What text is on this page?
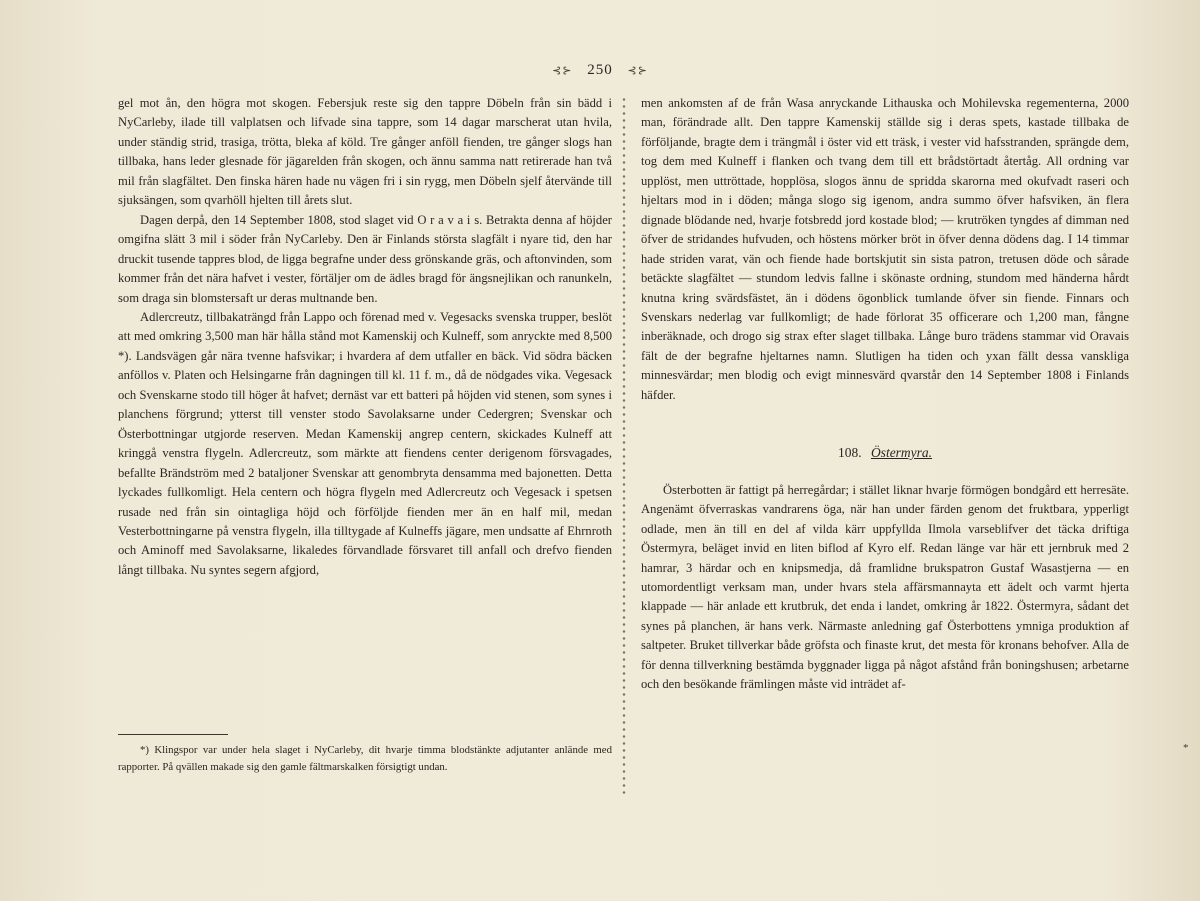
⊰⊱ 250 ⊰⊱

gel mot ån, den högra mot skogen. Febersjuk reste sig den tappre Döbeln från sin bädd i NyCarleby, ilade till valplatsen och lifvade sina tappre, som 14 dagar marscherat utan hvila, under ständig strid, trasiga, trötta, bleka af köld. Tre gånger anföll fienden, tre gånger slogs han tillbaka, hans leder glesnade för jägarelden från skogen, och ännu samma natt retirerade han två mil från slagfältet. Den finska hären hade nu vägen fri i sin rygg, men Döbeln sjelf återvände till sjuksängen, som qvarhöll hjelten till årets slut.

Dagen derpå, den 14 September 1808, stod slaget vid O r a v a i s. Betrakta denna af höjder omgifna slätt 3 mil i söder från NyCarleby. Den är Finlands största slagfält i nyare tid, den har druckit tusende tappres blod, de ligga begrafne under dess grönskande gräs, och aftonvinden, som kommer från det nära hafvet i vester, förtäljer om de ädles bragd för ängsnejlikan och ranunkeln, som draga sin blomstersaft ur deras multnande ben.

Adlercreutz, tillbakaträngd från Lappo och förenad med v. Vegesacks svenska trupper, beslöt att med omkring 3,500 man här hålla stånd mot Kamenskij och Kulneff, som anryckte med 8,500 *). Landsvägen går nära tvenne hafsvikar; i hvardera af dem utfaller en bäck. Vid södra bäcken anföllos v. Platen och Helsingarne från dagningen till kl. 11 f. m., då de nödgades vika. Vegesack och Svenskarne stodo till höger åt hafvet; dernäst var ett batteri på höjden vid stenen, som synes i planchens förgrund; ytterst till venster stodo Savolaksarne under Cedergren; Svenskar och Österbottningar utgjorde reserven. Medan Kamenskij angrep centern, skickades Kulneff att kringgå venstra flygeln. Adlercreutz, som märkte att fiendens center derigenom försvagades, befallte Brändström med 2 bataljoner Svenskar att genombryta densamma med bajonetten. Detta lyckades fullkomligt. Hela centern och högra flygeln med Adlercreutz och Vegesack i spetsen rusade ned från sin ointagliga höjd och förföljde fienden mer än en half mil, medan Vesterbottningarne på venstra flygeln, illa tilltygade af Kulneffs jägare, men undsatte af Ehrnroth och Aminoff med Savolaksarne, likaledes förvandlade försvaret till anfall och drefvo fienden långt tillbaka. Nu syntes segern afgjord,

men ankomsten af de från Wasa anryckande Lithauska och Mohilevska regementerna, 2000 man, förändrade allt. Den tappre Kamenskij ställde sig i deras spets, kastade tillbaka de förföljande, bragte dem i trängmål i öster vid ett träsk, i vester vid hafsstranden, sprängde dem, tog dem med Kulneff i flanken och tvang dem till ett brådstörtadt återtåg. All ordning var upplöst, men uttröttade, hopplösa, slogos ännu de spridda skarorna med okufvadt raseri och hjeltars mod in i döden; många slogo sig igenom, andra summo öfver hafsviken, än flera dignade blödande ned, hvarje fotsbredd jord kostade blod; — krutröken tyngdes af dimman ned öfver de stridandes hufvuden, och höstens mörker bröt in öfver denna dödens dag. I 14 timmar hade striden varat, vän och fiende hade bortskjutit sin sista patron, tretusen döde och sårade betäckte slagfältet — stundom ledvis fallne i skönaste ordning, stundom med händerna hårdt knutna kring svärdsfästet, än i dödens ögonblick tumlande öfver sin fiende. Finnars och Svenskars nederlag var fullkomligt; de hade förlorat 35 officerare och 1,200 man, fångne inberäknade, och drogo sig strax efter slaget tillbaka. Långe buro trädens stammar vid Oravais fält de der begrafne hjeltarnes namn. Slutligen ha tiden och yxan fällt dessa vanskliga minnesvärdar; men blodig och evigt minnesvärd qvarstår den 14 September 1808 i Finlands häfder.

108. Östermyra.

Österbotten är fattigt på herregårdar; i stället liknar hvarje förmögen bondgård ett herresäte. Angenämt öfverraskas vandrarens öga, när han under färden genom det fruktbara, ypperligt odlade, men än till en del af vilda kärr uppfyllda Ilmola varseblifver det täcka driftiga Östermyra, beläget invid en liten biflod af Kyro elf. Redan länge var här ett jernbruk med 2 hamrar, 3 härdar och en knipsmedja, då framlidne brukspatron Gustaf Wasastjerna — en utomordentligt verksam man, under hvars stela affärsmannayta ett ädelt och varmt hjerta klappade — här anlade ett krutbruk, det enda i landet, omkring år 1822. Östermyra, sådant det synes på planchen, är hans verk. Närmaste anledning gaf Österbottens ymniga produktion af saltpeter. Bruket tillverkar både gröfsta och finaste krut, det mesta för kronans behofver. Alla de för denna tillverkning bestämda byggnader ligga på något afstånd från boningshusen; arbetarne och den besökande främlingen måste vid inträdet af-

*) Klingspor var under hela slaget i NyCarleby, dit hvarje timma blodstänkte adjutanter anlände med rapporter. På qvällen makade sig den gamle fältmarskalken försigtigt undan.

*
